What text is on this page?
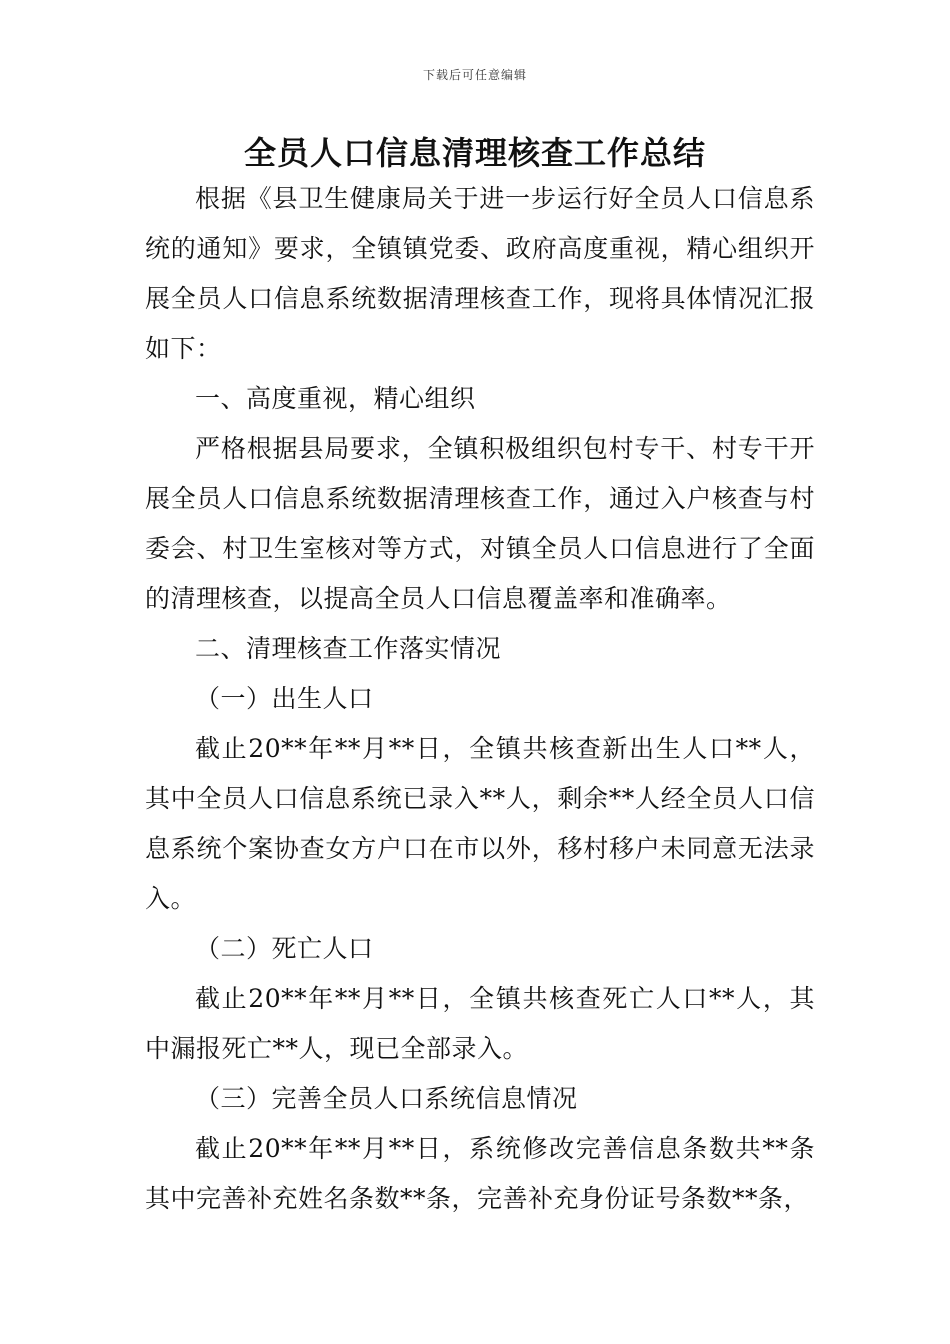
下载后可任意编辑
全员人口信息清理核查工作总结

根据《县卫生健康局关于进一步运行好全员人口信息系统的通知》要求，全镇镇党委、政府高度重视，精心组织开展全员人口信息系统数据清理核查工作，现将具体情况汇报如下：

一、高度重视，精心组织

严格根据县局要求，全镇积极组织包村专干、村专干开展全员人口信息系统数据清理核查工作，通过入户核查与村委会、村卫生室核对等方式，对镇全员人口信息进行了全面的清理核查，以提高全员人口信息覆盖率和准确率。

二、清理核查工作落实情况

（一）出生人口

截止20**年**月**日，全镇共核查新出生人口**人，其中全员人口信息系统已录入**人，剩余**人经全员人口信息系统个案协查女方户口在市以外，移村移户未同意无法录入。

（二）死亡人口

截止20**年**月**日，全镇共核查死亡人口**人，其中漏报死亡**人，现已全部录入。

（三）完善全员人口系统信息情况

截止20**年**月**日，系统修改完善信息条数共**条其中完善补充姓名条数**条，完善补充身份证号条数**条，
